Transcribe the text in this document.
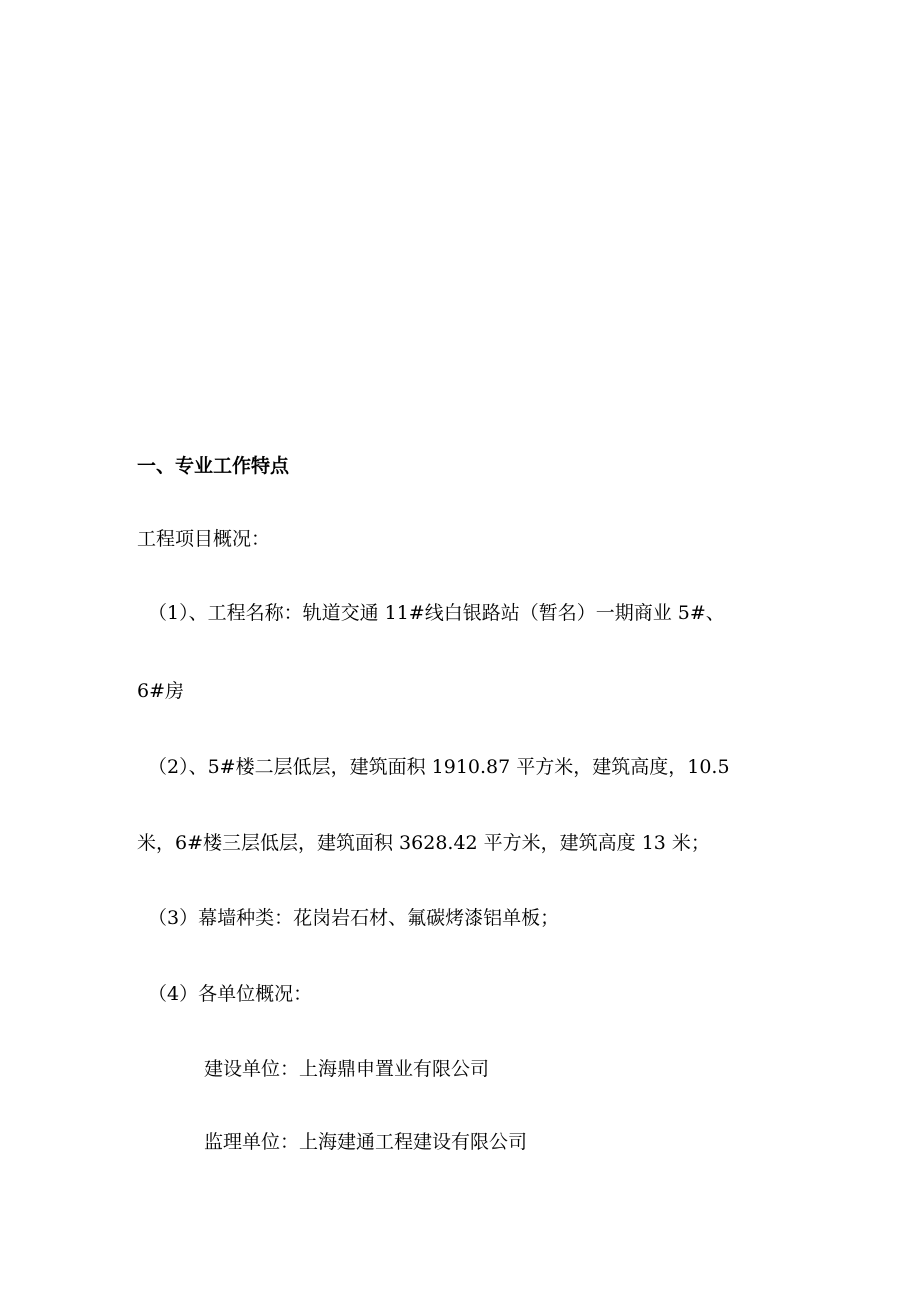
一、专业工作特点
工程项目概况：
（1）、工程名称：轨道交通 11#线白银路站（暂名）一期商业 5#、
6#房
（2）、5#楼二层低层，建筑面积 1910.87 平方米，建筑高度，10.5
米，6#楼三层低层，建筑面积 3628.42 平方米，建筑高度 13 米；
（3）幕墙种类：花岗岩石材、氟碳烤漆铝单板；
（4）各单位概况：
建设单位：上海鼎申置业有限公司
监理单位：上海建通工程建设有限公司
